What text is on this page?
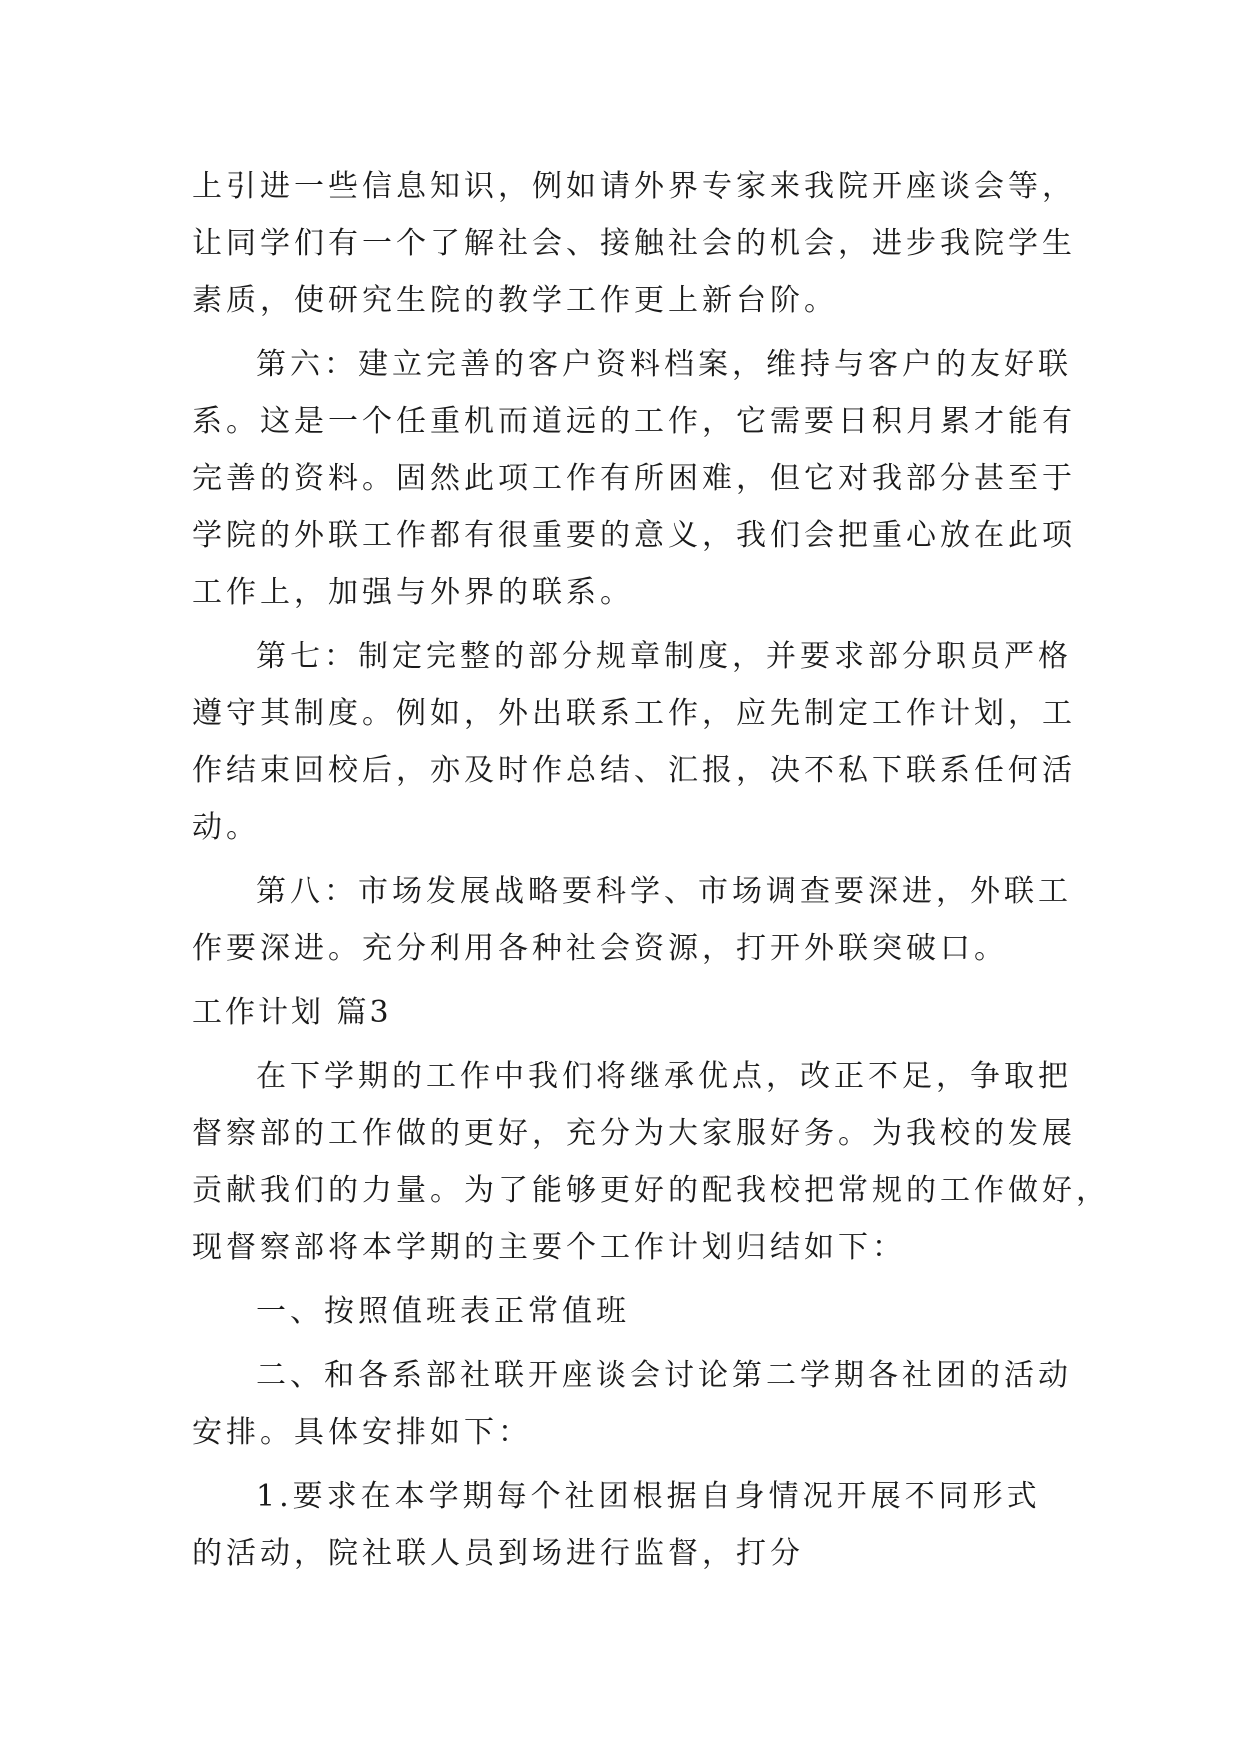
上引进一些信息知识，例如请外界专家来我院开座谈会等，
让同学们有一个了解社会、接触社会的机会，进步我院学生
素质，使研究生院的教学工作更上新台阶。
第六：建立完善的客户资料档案，维持与客户的友好联
系。这是一个任重机而道远的工作，它需要日积月累才能有
完善的资料。固然此项工作有所困难，但它对我部分甚至于
学院的外联工作都有很重要的意义，我们会把重心放在此项
工作上，加强与外界的联系。
第七：制定完整的部分规章制度，并要求部分职员严格
遵守其制度。例如，外出联系工作，应先制定工作计划，工
作结束回校后，亦及时作总结、汇报，决不私下联系任何活
动。
第八：市场发展战略要科学、市场调查要深进，外联工
作要深进。充分利用各种社会资源，打开外联突破口。
工作计划 篇3
在下学期的工作中我们将继承优点，改正不足，争取把
督察部的工作做的更好，充分为大家服好务。为我校的发展
贡献我们的力量。为了能够更好的配我校把常规的工作做好，
现督察部将本学期的主要个工作计划归结如下：
一、按照值班表正常值班
二、和各系部社联开座谈会讨论第二学期各社团的活动
安排。具体安排如下：
1.要求在本学期每个社团根据自身情况开展不同形式
的活动，院社联人员到场进行监督，打分
